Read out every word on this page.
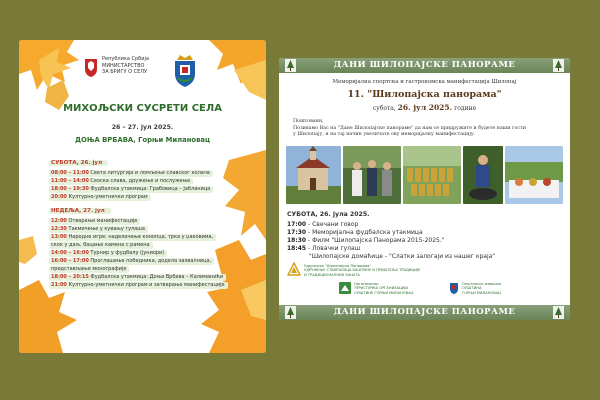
Република Србија
МИНИСТАРСТВО
ЗА БРИГУ О СЕЛУ
МИХОЉСКИ СУСРЕТИ СЕЛА
26 – 27. јул 2025.
ДОЊА ВРБАВА, Горњи Милановац
СУБОТА, 26. јул
08:00 – 11:00 Света литургија и ломљење славског колача
11:00 – 14:00 Сеоска слава, дружење и послужење
18:00 – 19:30 Фудбалска утакмица: Грабовица – Јабланица
20:00 Културно-уметнички програм
НЕДЕЉА, 27. јул
12:00 Отварање манифестације
12:30 Такмичење у кувању гулаша
13:00 Народне игре: надвлачење конопца, трка у џаковима,
скок у даљ, бацање камена с рамена
14:00 – 16:00 Турнир у фудбалу (јуниори)
16:00 – 17:00 Проглашење победника, додела захвалница,
представљање монографије
18:00 – 20:15 Фудбалска утакмица: Доња Врбава – Калиманићи
21:00 Културно-уметнички програм и затварање манифестације
ДАНИ ШИЛОПАЈСКЕ ПАНОРАМЕ
Меморијална спортска и гастрономска манифестација Шилопај
11. "Шилопајска панорама"
субота, 26. јул 2025. године
Поштовани,
Позивамо Вас на "Дане Шилопајске панораме" да нам се придружите и будете наши гости
у Шилопају, и на тај начин увеличате ову меморијалну манифестацију.
СУБОТА, 26. јула 2025.
17:00 - Свечани говор
17:30 - Меморијална фудбалска утакмица
18:30 - Филм "Шилопајска Панорама 2015-2025."
18:45 - Ловачки гулаш
"Шилопајске домаћице - "Слатки залогаји из нашег краја"
Удружење "Шилопајска Панорама"
УДРУЖЕЊЕ СТВАРАЛАЦА БАШТИНЕ И ПРИЈАТЕЉА ТРАДИЦИЈЕ
И ТРАДИЦИОНАЛНИХ ЗАНАТА
Организатор
ТУРИСТИЧКА ОРГАНИЗАЦИЈА
ОПШТИНЕ ГОРЊИ МИЛАНОВАЦ
Општинско извршно
ОПШТИНА
ГОРЊИ МИЛАНОВАЦ
ДАНИ ШИЛОПАЈСКЕ ПАНОРАМЕ
